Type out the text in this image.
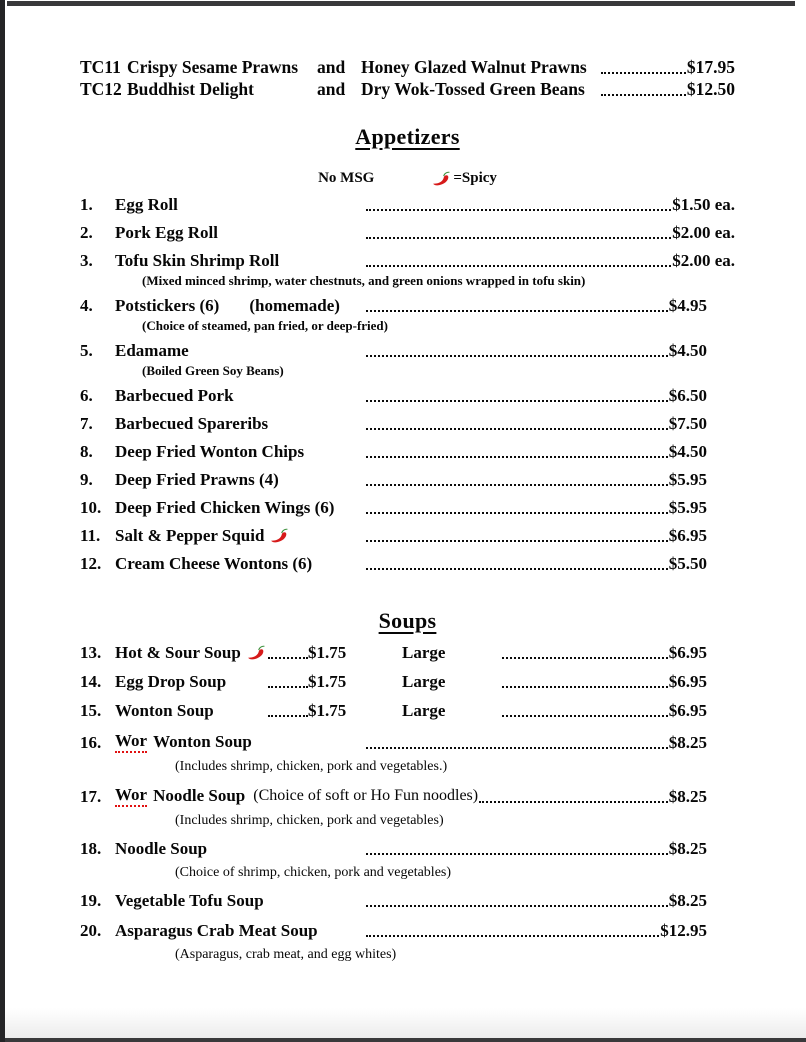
TC11 Crispy Sesame Prawns	and Honey Glazed Walnut Prawns	$17.95
TC12 Buddhist Delight	and Dry Wok-Tossed Green Beans	$12.50
Appetizers
No MSG	=Spicy
1.	Egg Roll	$1.50 ea.
2.	Pork Egg Roll	$2.00 ea.
3.	Tofu Skin Shrimp Roll	$2.00 ea.
(Mixed minced shrimp, water chestnuts, and green onions wrapped in tofu skin)
4.	Potstickers (6) (homemade)	$4.95
(Choice of steamed, pan fried, or deep-fried)
5.	Edamame	$4.50
(Boiled Green Soy Beans)
6.	Barbecued Pork	$6.50
7.	Barbecued Spareribs	$7.50
8.	Deep Fried Wonton Chips	$4.50
9.	Deep Fried Prawns (4)	$5.95
10. Deep Fried Chicken Wings (6)	$5.95
11. Salt & Pepper Squid	$6.95
12. Cream Cheese Wontons (6)	$5.50
Soups
13. Hot & Sour Soup	$1.75	Large	$6.95
14. Egg Drop Soup	$1.75	Large	$6.95
15. Wonton Soup	$1.75	Large	$6.95
16. Wor Wonton Soup	$8.25
(Includes shrimp, chicken, pork and vegetables.)
17. Wor Noodle Soup (Choice of soft or Ho Fun noodles)	$8.25
(Includes shrimp, chicken, pork and vegetables)
18. Noodle Soup	$8.25
(Choice of shrimp, chicken, pork and vegetables)
19. Vegetable Tofu Soup	$8.25
20. Asparagus Crab Meat Soup	$12.95
(Asparagus, crab meat, and egg whites)
